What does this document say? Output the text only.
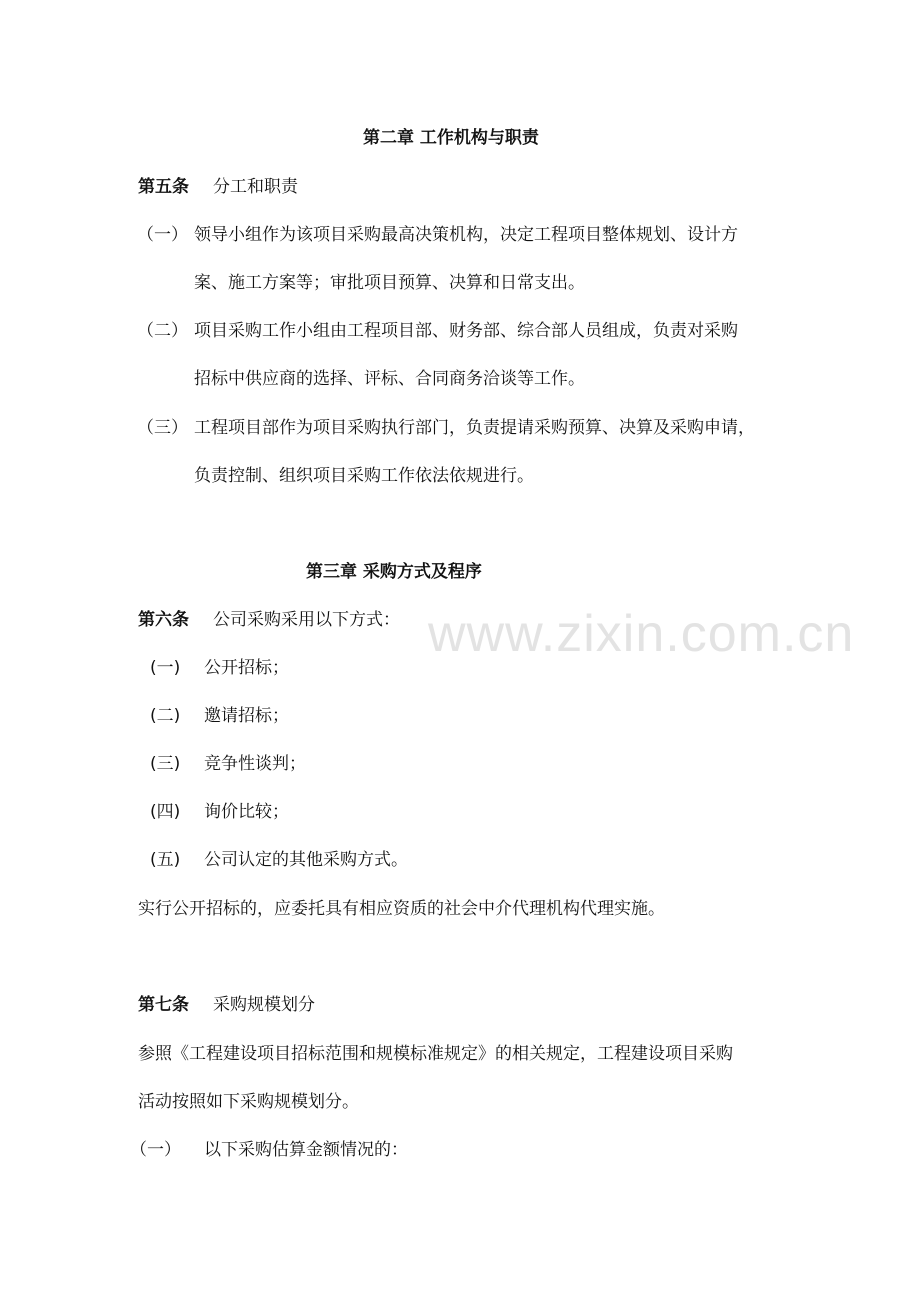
www.zixin.com.cn
第二章 工作机构与职责
第五条 分工和职责
（一） 领导小组作为该项目采购最高决策机构，决定工程项目整体规划、设计方
案、施工方案等；审批项目预算、决算和日常支出。
（二） 项目采购工作小组由工程项目部、财务部、综合部人员组成，负责对采购
招标中供应商的选择、评标、合同商务洽谈等工作。
（三） 工程项目部作为项目采购执行部门，负责提请采购预算、决算及采购申请，
负责控制、组织项目采购工作依法依规进行。
第三章 采购方式及程序
第六条 公司采购采用以下方式：
(一) 公开招标；
(二) 邀请招标；
(三) 竞争性谈判；
(四) 询价比较；
(五) 公司认定的其他采购方式。
实行公开招标的，应委托具有相应资质的社会中介代理机构代理实施。
第七条 采购规模划分
参照《工程建设项目招标范围和规模标准规定》的相关规定，工程建设项目采购
活动按照如下采购规模划分。
（一） 以下采购估算金额情况的：
